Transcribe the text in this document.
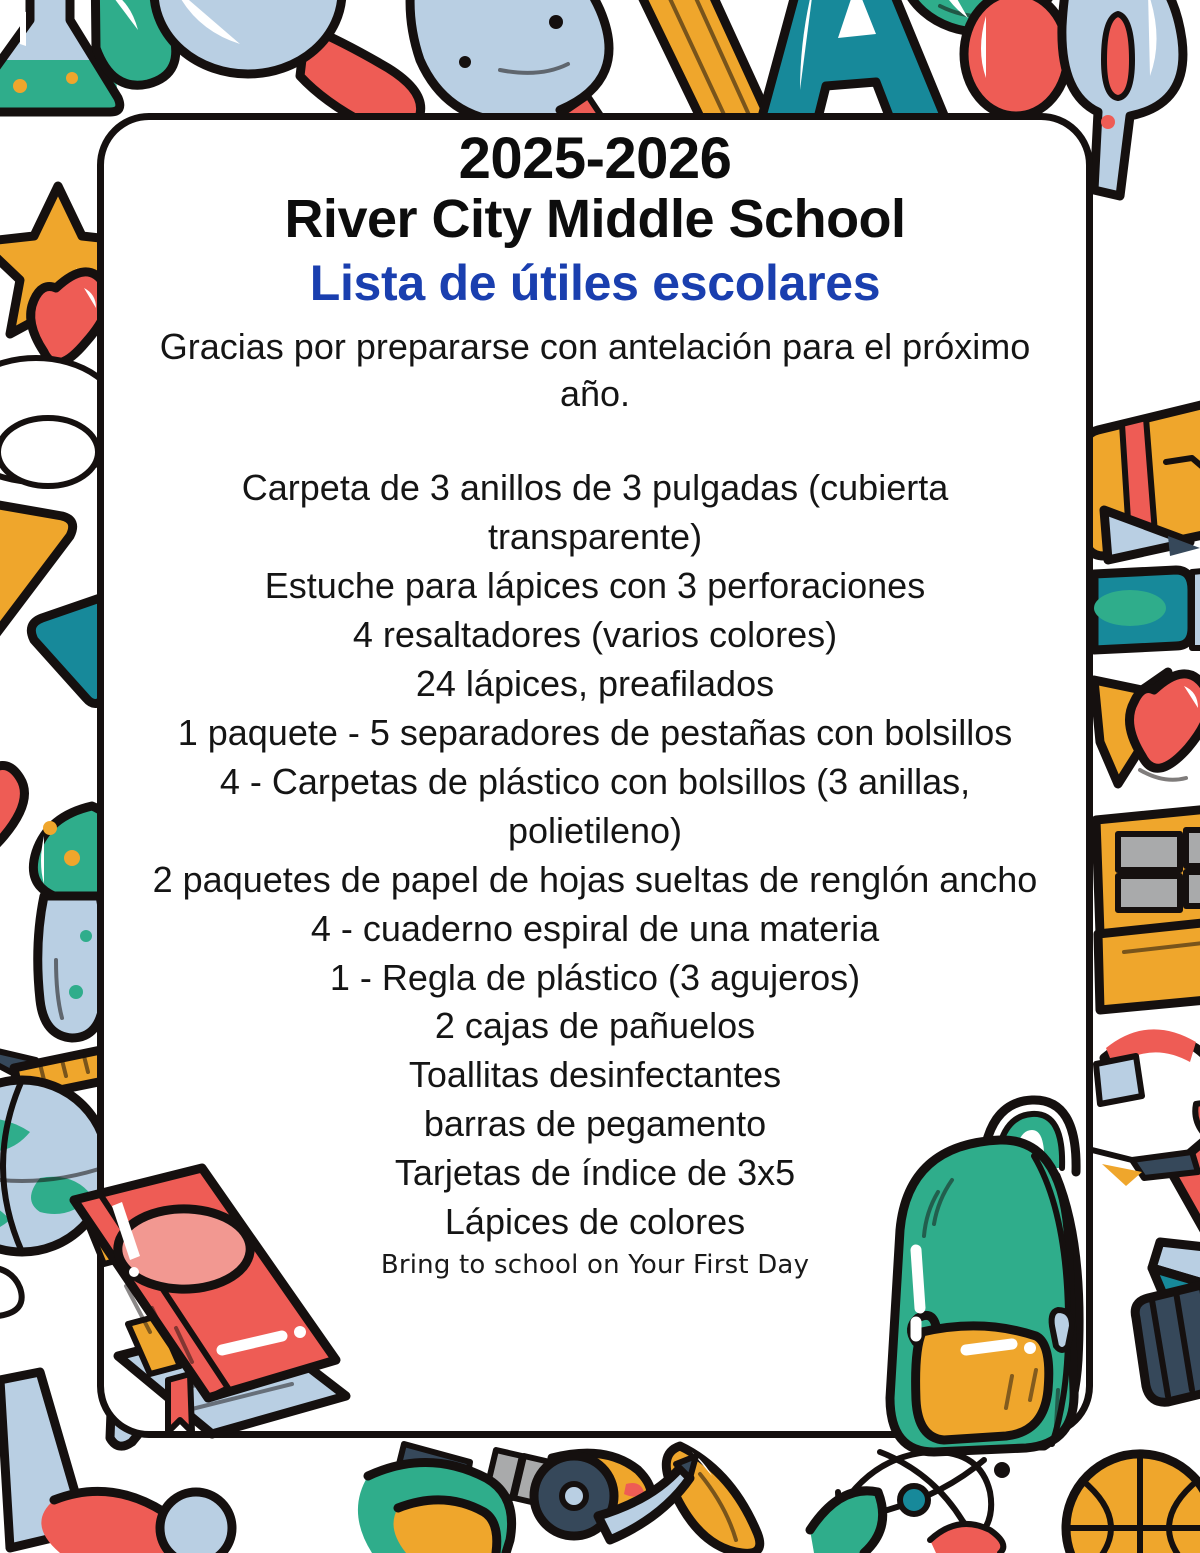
2025-2026
River City Middle School
Lista de útiles escolares
Gracias por prepararse con antelación para el próximo año.
Carpeta de 3 anillos de 3 pulgadas (cubierta transparente)
Estuche para lápices con 3 perforaciones
4 resaltadores (varios colores)
24 lápices, preafilados
1 paquete - 5 separadores de pestañas con bolsillos
4 - Carpetas de plástico con bolsillos (3 anillas, polietileno)
2 paquetes de papel de hojas sueltas de renglón ancho
4 - cuaderno espiral de una materia
1 - Regla de plástico (3 agujeros)
2 cajas de pañuelos
Toallitas desinfectantes
barras de pegamento
Tarjetas de índice de 3x5
Lápices de colores
Bring to school on Your First Day
